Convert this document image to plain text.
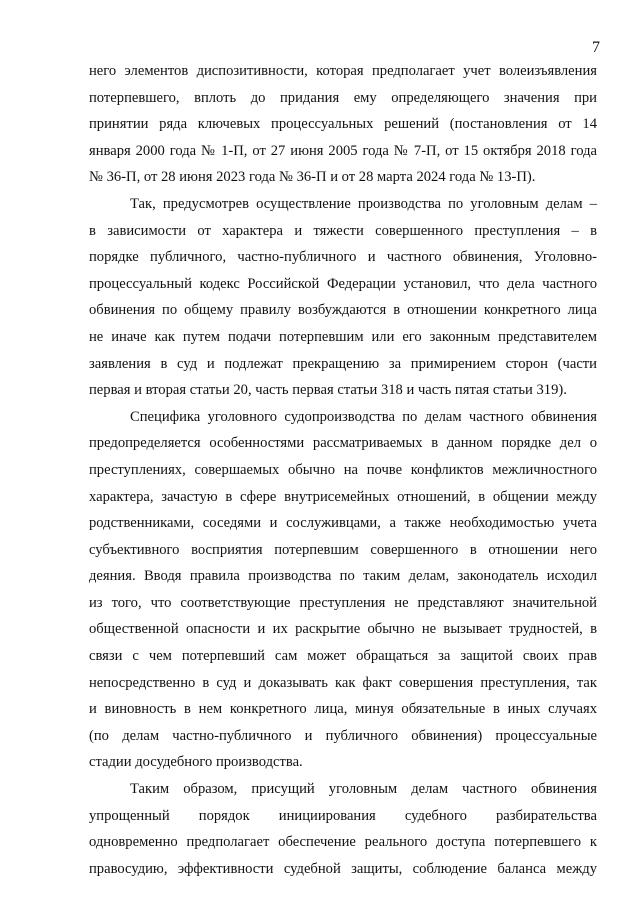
7

него элементов диспозитивности, которая предполагает учет волеизъявления
потерпевшего, вплоть до придания ему определяющего значения при
принятии ряда ключевых процессуальных решений (постановления от 14
января 2000 года № 1-П, от 27 июня 2005 года № 7-П, от 15 октября 2018 года
№ 36-П, от 28 июня 2023 года № 36-П и от 28 марта 2024 года № 13-П).

Так, предусмотрев осуществление производства по уголовным делам –
в зависимости от характера и тяжести совершенного преступления – в
порядке публичного, частно-публичного и частного обвинения, Уголовно-
процессуальный кодекс Российской Федерации установил, что дела частного
обвинения по общему правилу возбуждаются в отношении конкретного лица
не иначе как путем подачи потерпевшим или его законным представителем
заявления в суд и подлежат прекращению за примирением сторон (части
первая и вторая статьи 20, часть первая статьи 318 и часть пятая статьи 319).

Специфика уголовного судопроизводства по делам частного обвинения
предопределяется особенностями рассматриваемых в данном порядке дел о
преступлениях, совершаемых обычно на почве конфликтов межличностного
характера, зачастую в сфере внутрисемейных отношений, в общении между
родственниками, соседями и сослуживцами, а также необходимостью учета
субъективного восприятия потерпевшим совершенного в отношении него
деяния. Вводя правила производства по таким делам, законодатель исходил
из того, что соответствующие преступления не представляют значительной
общественной опасности и их раскрытие обычно не вызывает трудностей, в
связи с чем потерпевший сам может обращаться за защитой своих прав
непосредственно в суд и доказывать как факт совершения преступления, так
и виновность в нем конкретного лица, минуя обязательные в иных случаях
(по делам частно-публичного и публичного обвинения) процессуальные
стадии досудебного производства.

Таким образом, присущий уголовным делам частного обвинения
упрощенный порядок инициирования судебного разбирательства
одновременно предполагает обеспечение реального доступа потерпевшего к
правосудию, эффективности судебной защиты, соблюдение баланса между
